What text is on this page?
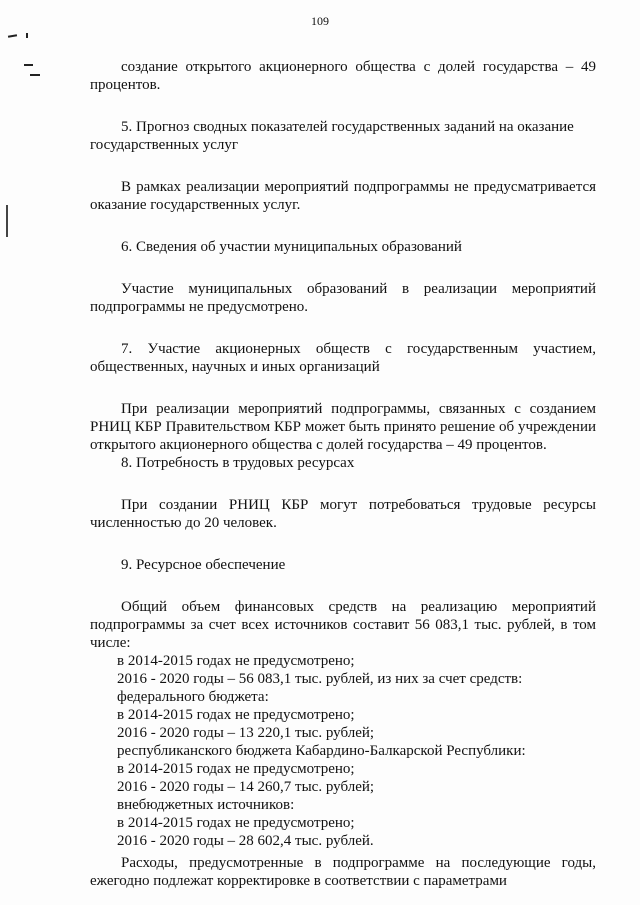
109

создание открытого акционерного общества с долей государства – 49 процентов.

5. Прогноз сводных показателей государственных заданий на оказание государственных услуг

В рамках реализации мероприятий подпрограммы не предусматривается оказание государственных услуг.

6. Сведения об участии муниципальных образований

Участие муниципальных образований в реализации мероприятий подпрограммы не предусмотрено.

7. Участие акционерных обществ с государственным участием, общественных, научных и иных организаций

При реализации мероприятий подпрограммы, связанных с созданием РНИЦ КБР Правительством КБР может быть принято решение об учреждении открытого акционерного общества с долей государства – 49 процентов.

8. Потребность в трудовых ресурсах

При создании РНИЦ КБР могут потребоваться трудовые ресурсы численностью до 20 человек.

9. Ресурсное обеспечение

Общий объем финансовых средств на реализацию мероприятий подпрограммы за счет всех источников составит 56 083,1 тыс. рублей, в том числе:

в 2014-2015 годах не предусмотрено;

2016 - 2020 годы – 56 083,1 тыс. рублей, из них за счет средств:

федерального бюджета:

в 2014-2015 годах не предусмотрено;

2016 - 2020 годы – 13 220,1 тыс. рублей;

республиканского бюджета Кабардино-Балкарской Республики:

в 2014-2015 годах не предусмотрено;

2016 - 2020 годы – 14 260,7 тыс. рублей;

внебюджетных источников:

в 2014-2015 годах не предусмотрено;

2016 - 2020 годы – 28 602,4 тыс. рублей.

Расходы, предусмотренные в подпрограмме на последующие годы, ежегодно подлежат корректировке в соответствии с параметрами
